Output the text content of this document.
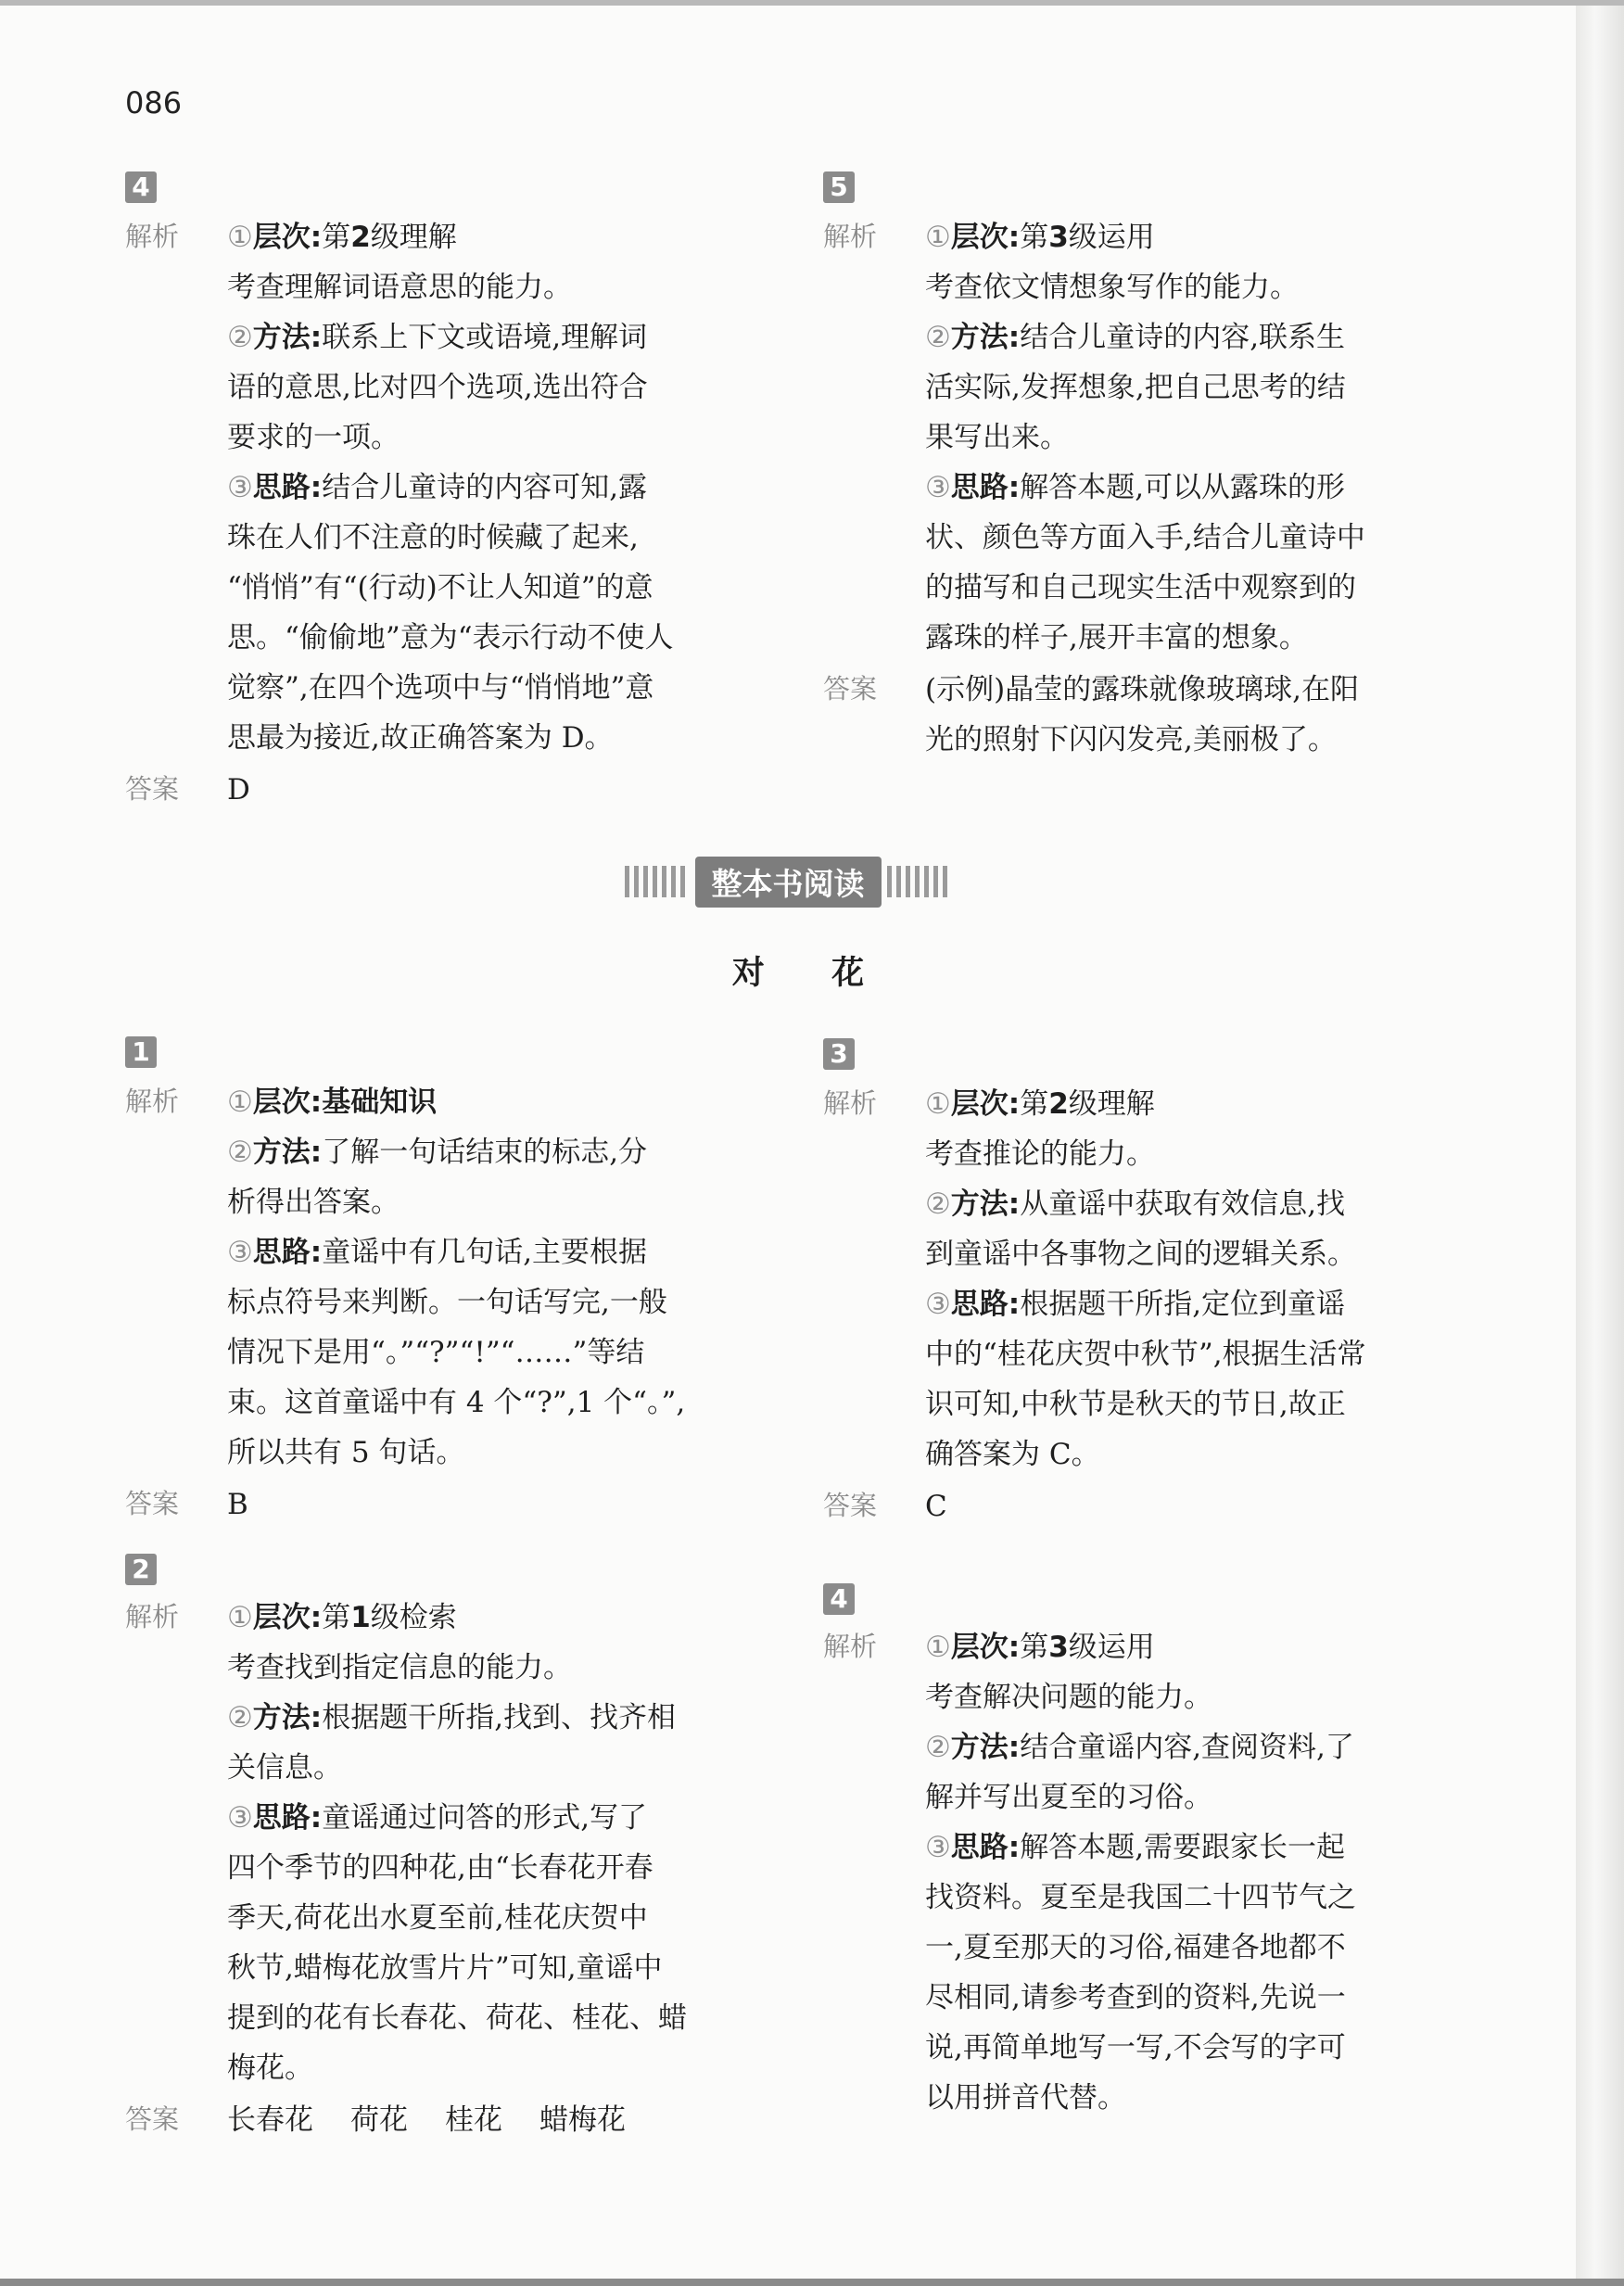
086
4
解析	①层次:第2级理解
考查理解词语意思的能力。
②方法:联系上下文或语境,理解词
语的意思,比对四个选项,选出符合
要求的一项。
③思路:结合儿童诗的内容可知,露
珠在人们不注意的时候藏了起来,
“悄悄”有“(行动)不让人知道”的意
思。“偷偷地”意为“表示行动不使人
觉察”,在四个选项中与“悄悄地”意
思最为接近,故正确答案为 D。
答案	D
5
解析	①层次:第3级运用
考查依文情想象写作的能力。
②方法:结合儿童诗的内容,联系生
活实际,发挥想象,把自己思考的结
果写出来。
③思路:解答本题,可以从露珠的形
状、颜色等方面入手,结合儿童诗中
的描写和自己现实生活中观察到的
露珠的样子,展开丰富的想象。
答案	(示例)晶莹的露珠就像玻璃球,在阳
光的照射下闪闪发亮,美丽极了。
整本书阅读
对 花
1
解析	①层次:基础知识
②方法:了解一句话结束的标志,分
析得出答案。
③思路:童谣中有几句话,主要根据
标点符号来判断。一句话写完,一般
情况下是用“。”“?”“!”“……”等结
束。这首童谣中有 4 个“?”,1 个“。”,
所以共有 5 句话。
答案	B
2
解析	①层次:第1级检索
考查找到指定信息的能力。
②方法:根据题干所指,找到、找齐相
关信息。
③思路:童谣通过问答的形式,写了
四个季节的四种花,由“长春花开春
季天,荷花出水夏至前,桂花庆贺中
秋节,蜡梅花放雪片片”可知,童谣中
提到的花有长春花、荷花、桂花、蜡
梅花。
答案	长春花 荷花 桂花 蜡梅花
3
解析	①层次:第2级理解
考查推论的能力。
②方法:从童谣中获取有效信息,找
到童谣中各事物之间的逻辑关系。
③思路:根据题干所指,定位到童谣
中的“桂花庆贺中秋节”,根据生活常
识可知,中秋节是秋天的节日,故正
确答案为 C。
答案	C
4
解析	①层次:第3级运用
考查解决问题的能力。
②方法:结合童谣内容,查阅资料,了
解并写出夏至的习俗。
③思路:解答本题,需要跟家长一起
找资料。夏至是我国二十四节气之
一,夏至那天的习俗,福建各地都不
尽相同,请参考查到的资料,先说一
说,再简单地写一写,不会写的字可
以用拼音代替。
